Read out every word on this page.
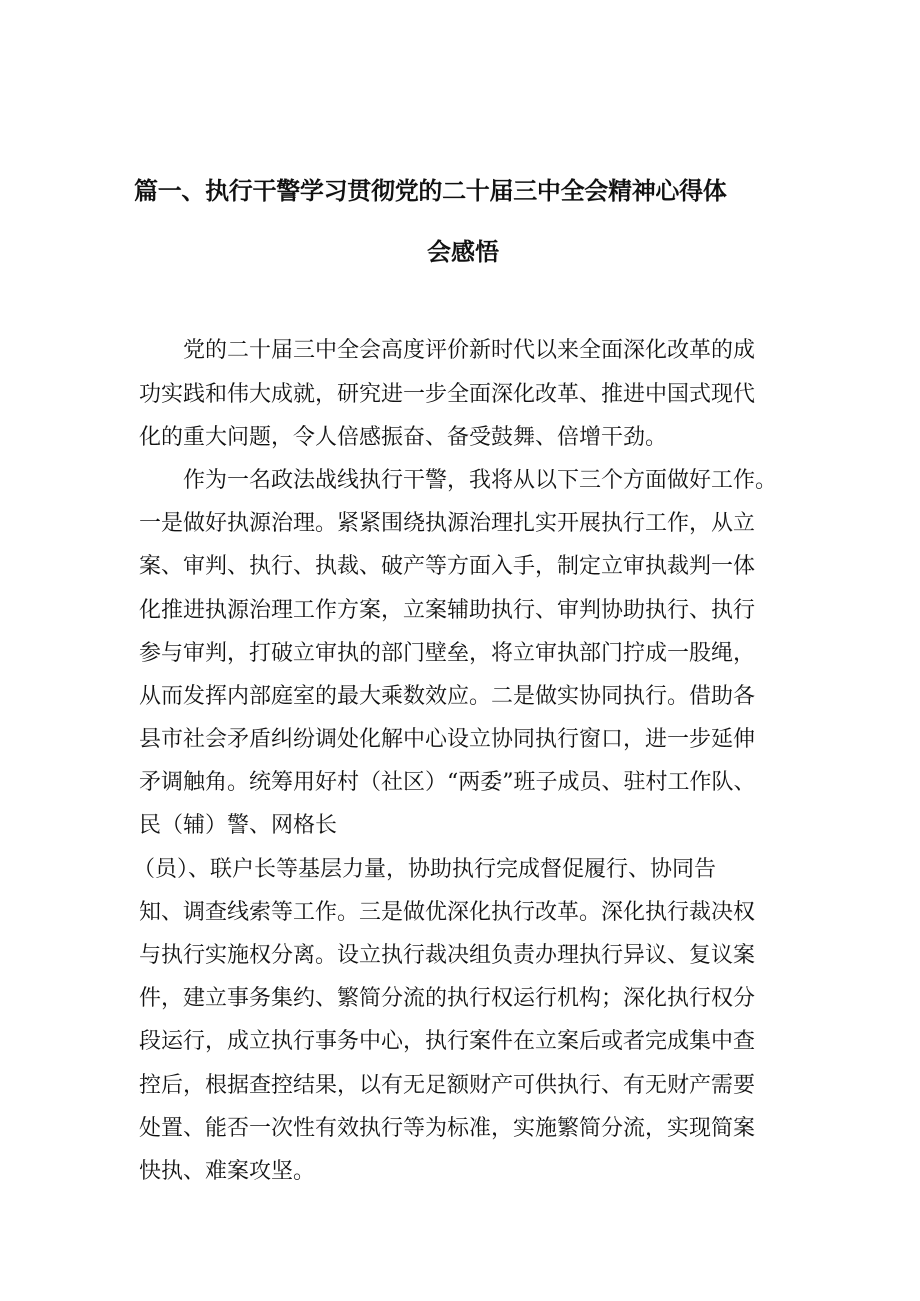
篇一、执行干警学习贯彻党的二十届三中全会精神心得体
会感悟
党的二十届三中全会高度评价新时代以来全面深化改革的成
功实践和伟大成就，研究进一步全面深化改革、推进中国式现代
化的重大问题，令人倍感振奋、备受鼓舞、倍增干劲。
作为一名政法战线执行干警，我将从以下三个方面做好工作。
一是做好执源治理。紧紧围绕执源治理扎实开展执行工作，从立
案、审判、执行、执裁、破产等方面入手，制定立审执裁判一体
化推进执源治理工作方案，立案辅助执行、审判协助执行、执行
参与审判，打破立审执的部门壁垒，将立审执部门拧成一股绳，
从而发挥内部庭室的最大乘数效应。二是做实协同执行。借助各
县市社会矛盾纠纷调处化解中心设立协同执行窗口，进一步延伸
矛调触角。统筹用好村（社区）“两委”班子成员、驻村工作队、
民（辅）警、网格长
（员）、联户长等基层力量，协助执行完成督促履行、协同告
知、调查线索等工作。三是做优深化执行改革。深化执行裁决权
与执行实施权分离。设立执行裁决组负责办理执行异议、复议案
件，建立事务集约、繁简分流的执行权运行机构；深化执行权分
段运行，成立执行事务中心，执行案件在立案后或者完成集中查
控后，根据查控结果，以有无足额财产可供执行、有无财产需要
处置、能否一次性有效执行等为标准，实施繁简分流，实现简案
快执、难案攻坚。
